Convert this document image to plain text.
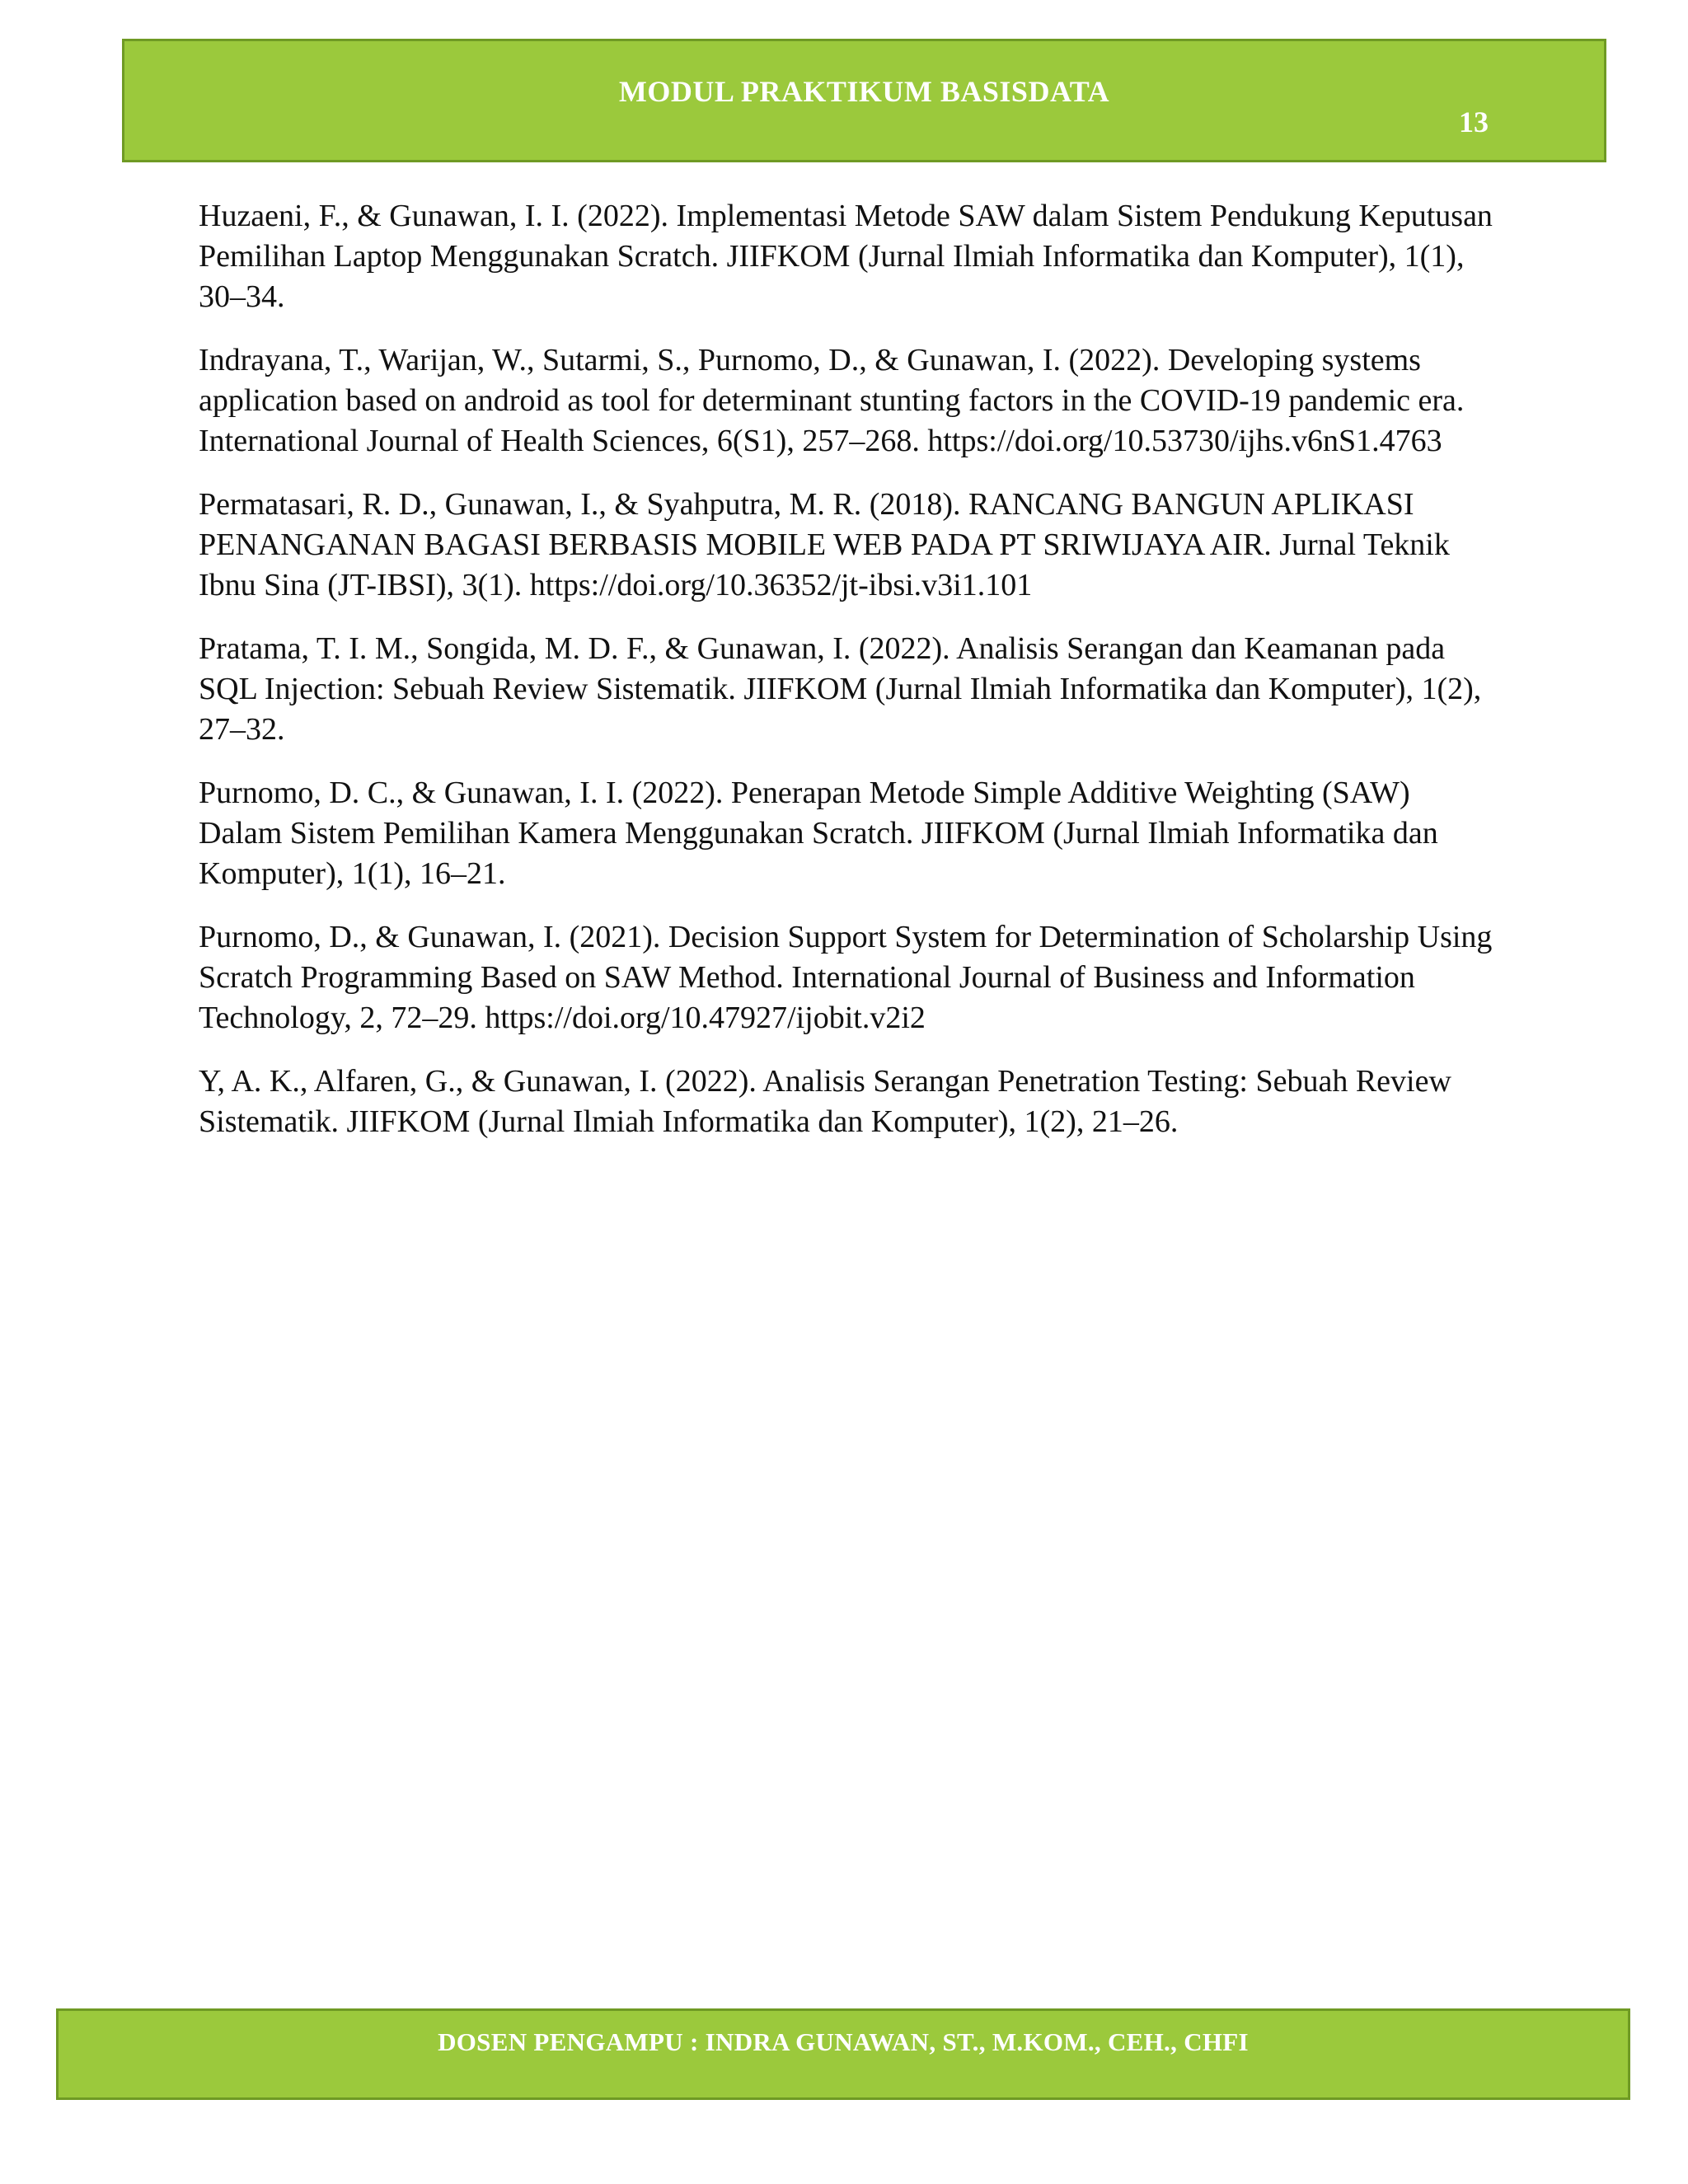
MODUL PRAKTIKUM BASISDATA
13
Huzaeni, F., & Gunawan, I. I. (2022). Implementasi Metode SAW dalam Sistem Pendukung Keputusan Pemilihan Laptop Menggunakan Scratch. JIIFKOM (Jurnal Ilmiah Informatika dan Komputer), 1(1), 30–34.
Indrayana, T., Warijan, W., Sutarmi, S., Purnomo, D., & Gunawan, I. (2022). Developing systems application based on android as tool for determinant stunting factors in the COVID-19 pandemic era. International Journal of Health Sciences, 6(S1), 257–268. https://doi.org/10.53730/ijhs.v6nS1.4763
Permatasari, R. D., Gunawan, I., & Syahputra, M. R. (2018). RANCANG BANGUN APLIKASI PENANGANAN BAGASI BERBASIS MOBILE WEB PADA PT SRIWIJAYA AIR. Jurnal Teknik Ibnu Sina (JT-IBSI), 3(1). https://doi.org/10.36352/jt-ibsi.v3i1.101
Pratama, T. I. M., Songida, M. D. F., & Gunawan, I. (2022). Analisis Serangan dan Keamanan pada SQL Injection: Sebuah Review Sistematik. JIIFKOM (Jurnal Ilmiah Informatika dan Komputer), 1(2), 27–32.
Purnomo, D. C., & Gunawan, I. I. (2022). Penerapan Metode Simple Additive Weighting (SAW) Dalam Sistem Pemilihan Kamera Menggunakan Scratch. JIIFKOM (Jurnal Ilmiah Informatika dan Komputer), 1(1), 16–21.
Purnomo, D., & Gunawan, I. (2021). Decision Support System for Determination of Scholarship Using Scratch Programming Based on SAW Method. International Journal of Business and Information Technology, 2, 72–29. https://doi.org/10.47927/ijobit.v2i2
Y, A. K., Alfaren, G., & Gunawan, I. (2022). Analisis Serangan Penetration Testing: Sebuah Review Sistematik. JIIFKOM (Jurnal Ilmiah Informatika dan Komputer), 1(2), 21–26.
DOSEN PENGAMPU : INDRA GUNAWAN, ST., M.KOM., CEH., CHFI
